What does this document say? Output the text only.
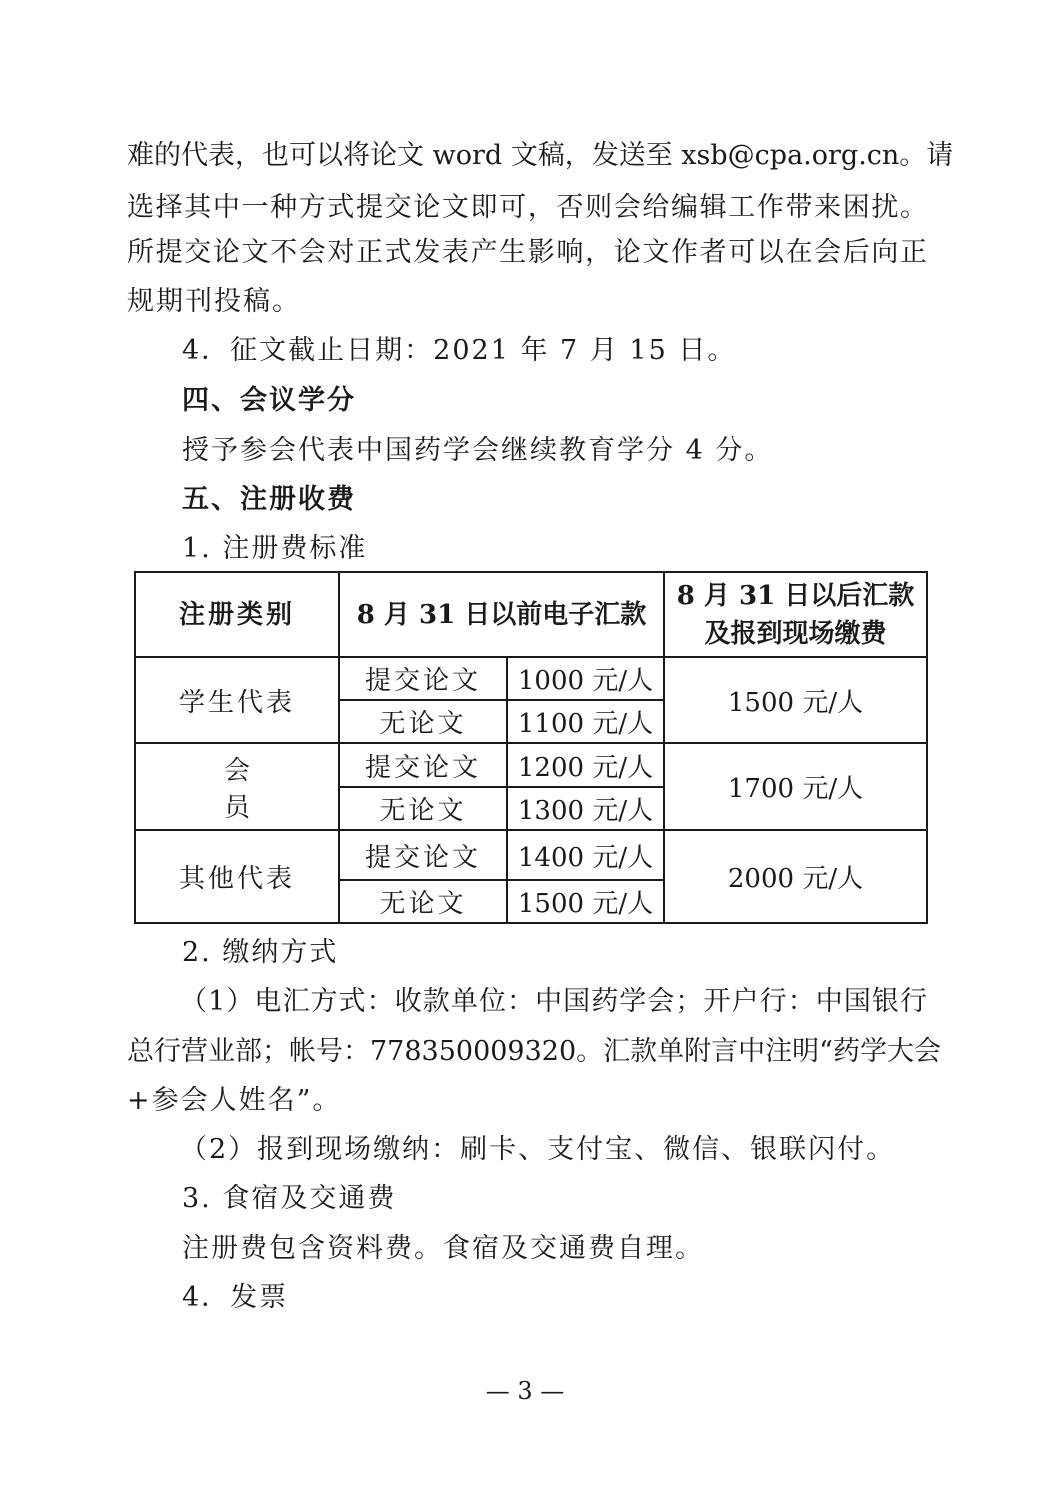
难的代表，也可以将论文 word 文稿，发送至 xsb@cpa.org.cn。请
选择其中一种方式提交论文即可，否则会给编辑工作带来困扰。
所提交论文不会对正式发表产生影响，论文作者可以在会后向正
规期刊投稿。
4．征文截止日期：2021 年 7 月 15 日。
四、会议学分
授予参会代表中国药学会继续教育学分 4 分。
五、注册收费
1. 注册费标准
注册类别	8 月 31 日以前电子汇款		8 月 31 日以后汇款
及报到现场缴费

学生代表	提交论文	1000 元/人	1500 元/人
	无论文	1100 元/人	
会员	提交论文	1200 元/人	1700 元/人
	无论文	1300 元/人	
其他代表	提交论文	1400 元/人	2000 元/人
	无论文	1500 元/人	
2. 缴纳方式
（1）电汇方式：收款单位：中国药学会；开户行：中国银行
总行营业部；帐号：778350009320。汇款单附言中注明“药学大会
+参会人姓名”。
（2）报到现场缴纳：刷卡、支付宝、微信、银联闪付。
3. 食宿及交通费
注册费包含资料费。食宿及交通费自理。
4．发票
— 3 —
